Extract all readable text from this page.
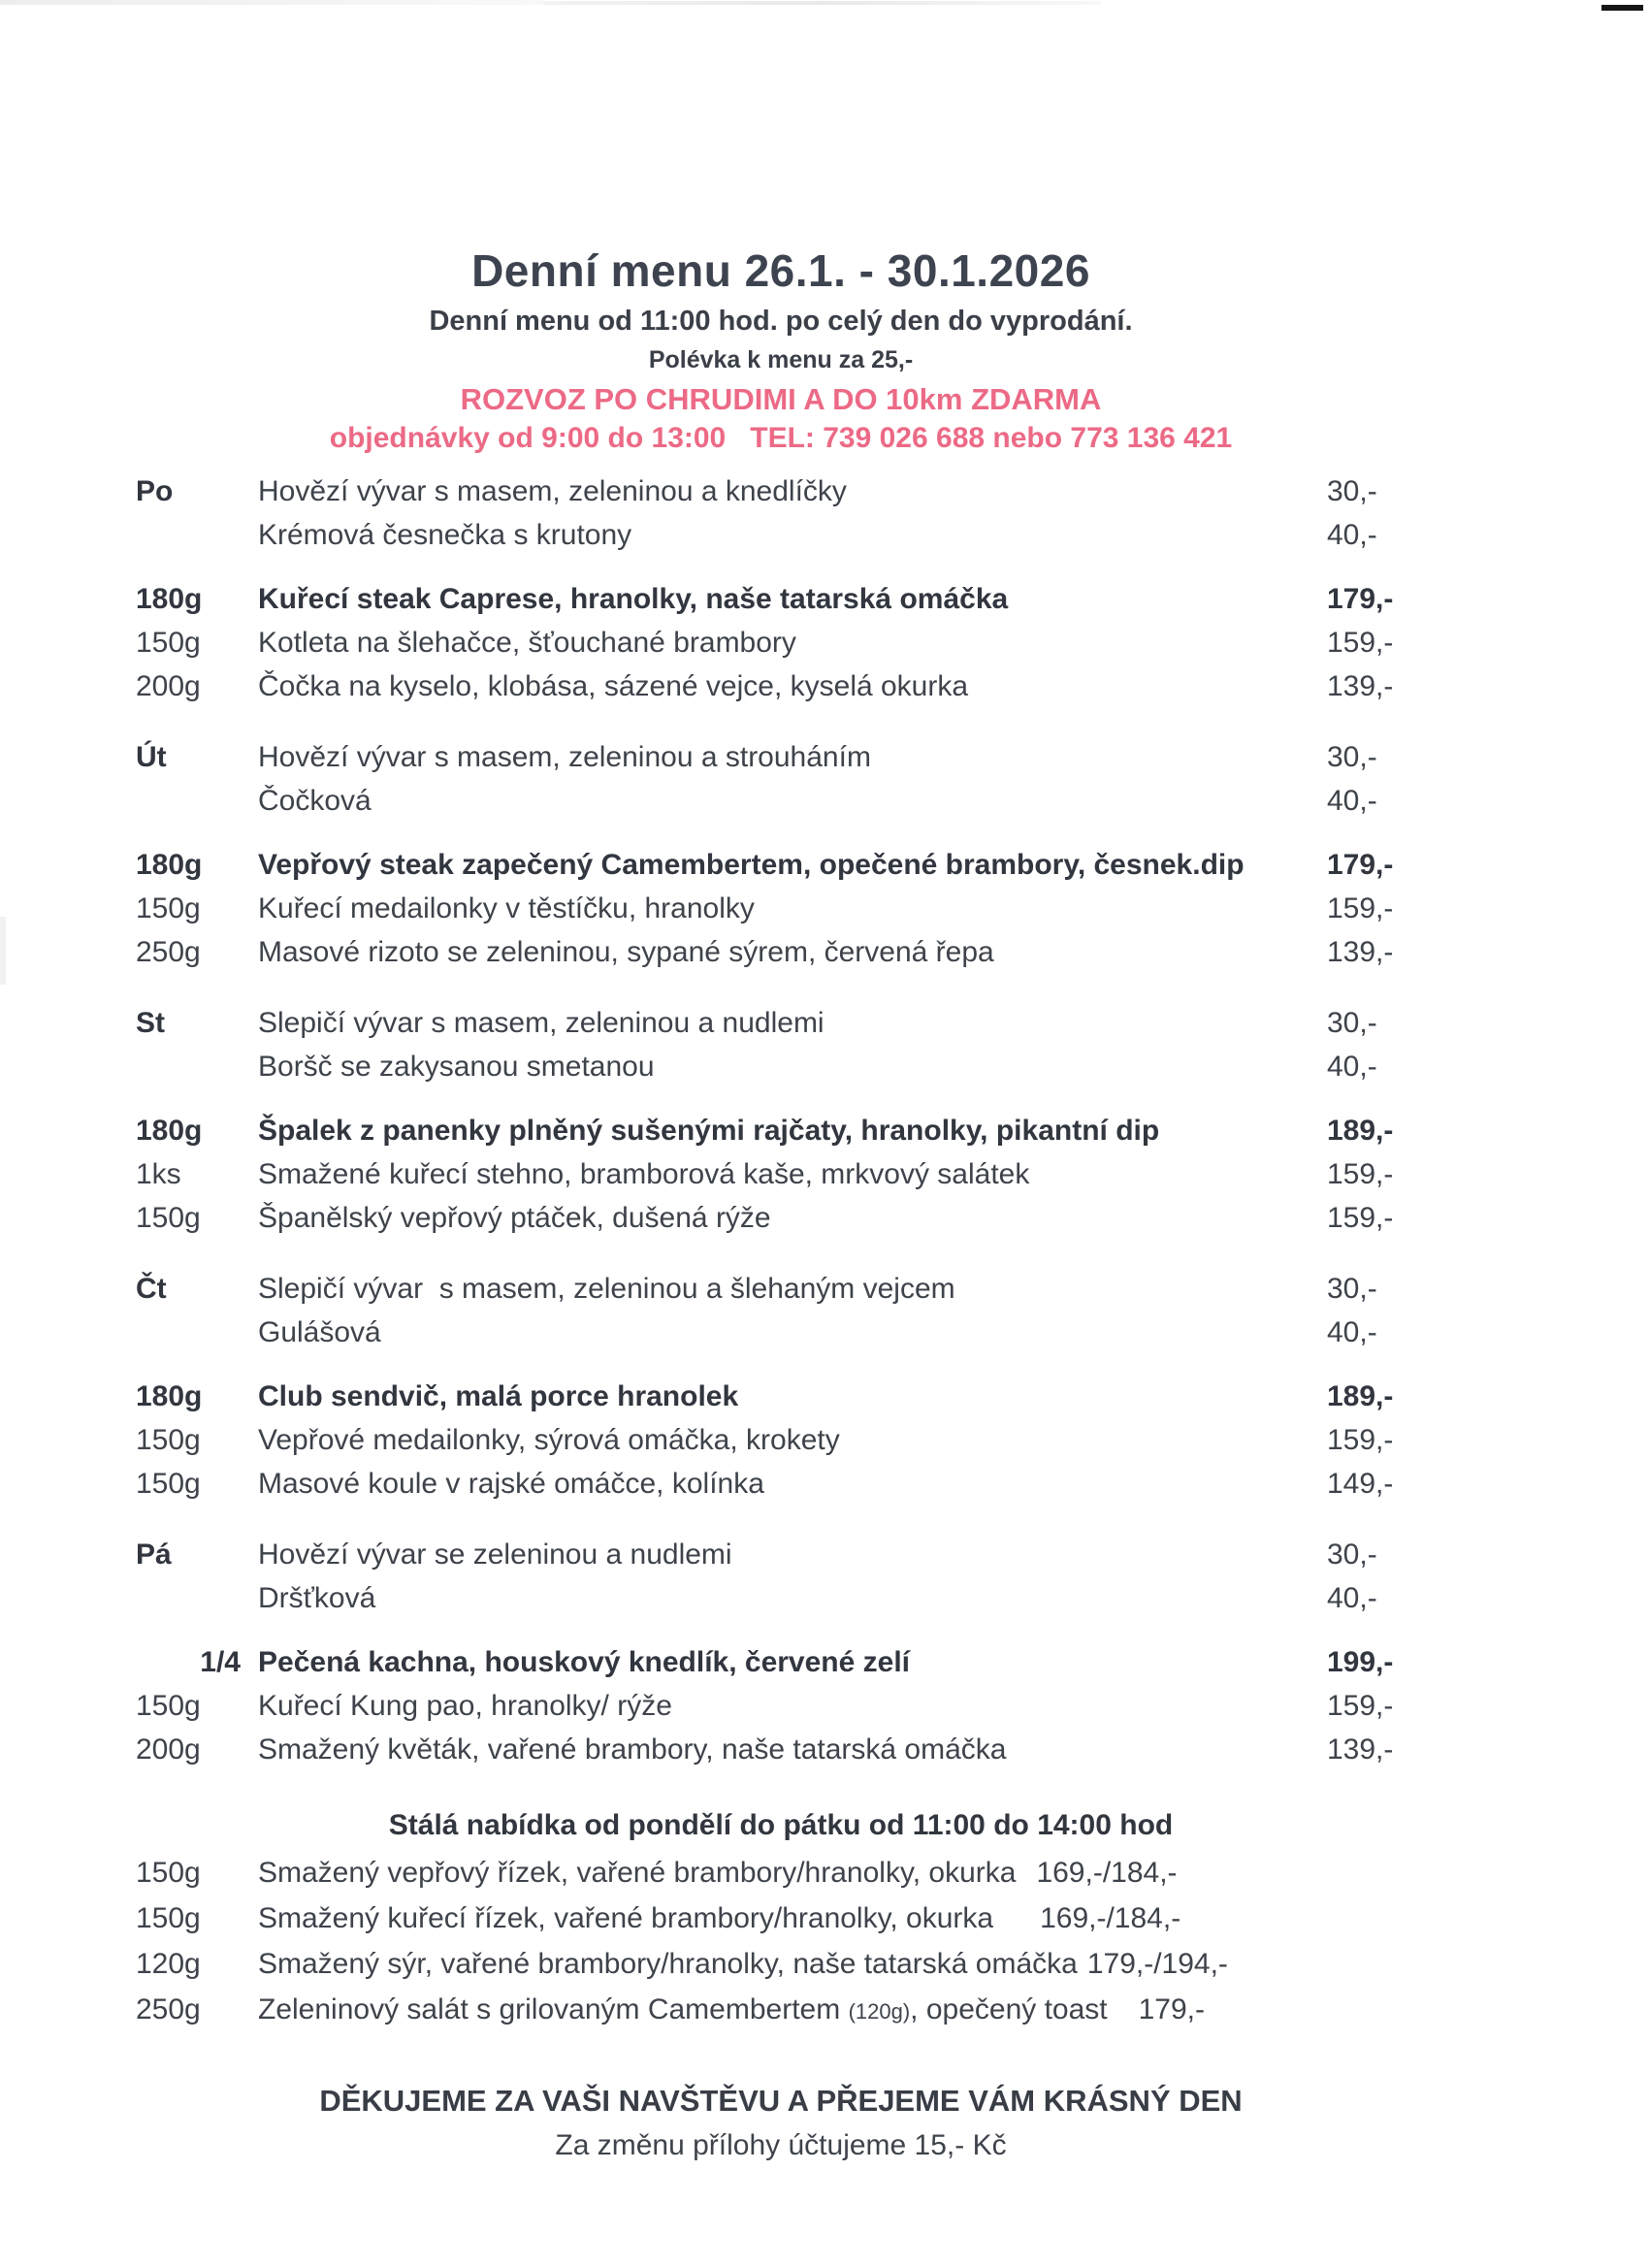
Denní menu 26.1. - 30.1.2026
Denní menu od 11:00 hod. po celý den do vyprodání.
Polévka k menu za 25,-
ROZVOZ PO CHRUDIMI A DO 10km ZDARMA
objednávky od 9:00 do 13:00   TEL: 739 026 688 nebo 773 136 421
Po	Hovězí vývar s masem, zeleninou a knedlíčky	30,-
Krémová česnečka s krutony	40,-
180g	Kuřecí steak Caprese, hranolky, naše tatarská omáčka	179,-
150g	Kotleta na šlehačce, šťouchané brambory	159,-
200g	Čočka na kyselo, klobása, sázené vejce, kyselá okurka	139,-
Út	Hovězí vývar s masem, zeleninou a strouháním	30,-
Čočková	40,-
180g	Vepřový steak zapečený Camembertem, opečené brambory, česnek.dip	179,-
150g	Kuřecí medailonky v těstíčku, hranolky	159,-
250g	Masové rizoto se zeleninou, sypané sýrem, červená řepa	139,-
St	Slepičí vývar s masem, zeleninou a nudlemi	30,-
Boršč se zakysanou smetanou	40,-
180g	Špalek z panenky plněný sušenými rajčaty, hranolky, pikantní dip	189,-
1ks	Smažené kuřecí stehno, bramborová kaše, mrkvový salátek	159,-
150g	Španělský vepřový ptáček, dušená rýže	159,-
Čt	Slepičí vývar  s masem, zeleninou a šlehaným vejcem	30,-
Gulášová	40,-
180g	Club sendvič, malá porce hranolek	189,-
150g	Vepřové medailonky, sýrová omáčka, krokety	159,-
150g	Masové koule v rajské omáčce, kolínka	149,-
Pá	Hovězí vývar se zeleninou a nudlemi	30,-
Dršťková	40,-
1/4 Pečená kachna, houskový knedlík, červené zelí	199,-
150g	Kuřecí Kung pao, hranolky/ rýže	159,-
200g	Smažený květák, vařené brambory, naše tatarská omáčka	139,-
Stálá nabídka od pondělí do pátku od 11:00 do 14:00 hod
150g	Smažený vepřový řízek, vařené brambory/hranolky, okurka 169,-/184,-
150g	Smažený kuřecí řízek, vařené brambory/hranolky, okurka 169,-/184,-
120g	Smažený sýr, vařené brambory/hranolky, naše tatarská omáčka 179,-/194,-
250g	Zeleninový salát s grilovaným Camembertem (120g), opečený toast 179,-
DĚKUJEME ZA VAŠI NAVŠTĚVU A PŘEJEME VÁM KRÁSNÝ DEN
Za změnu přílohy účtujeme 15,- Kč
